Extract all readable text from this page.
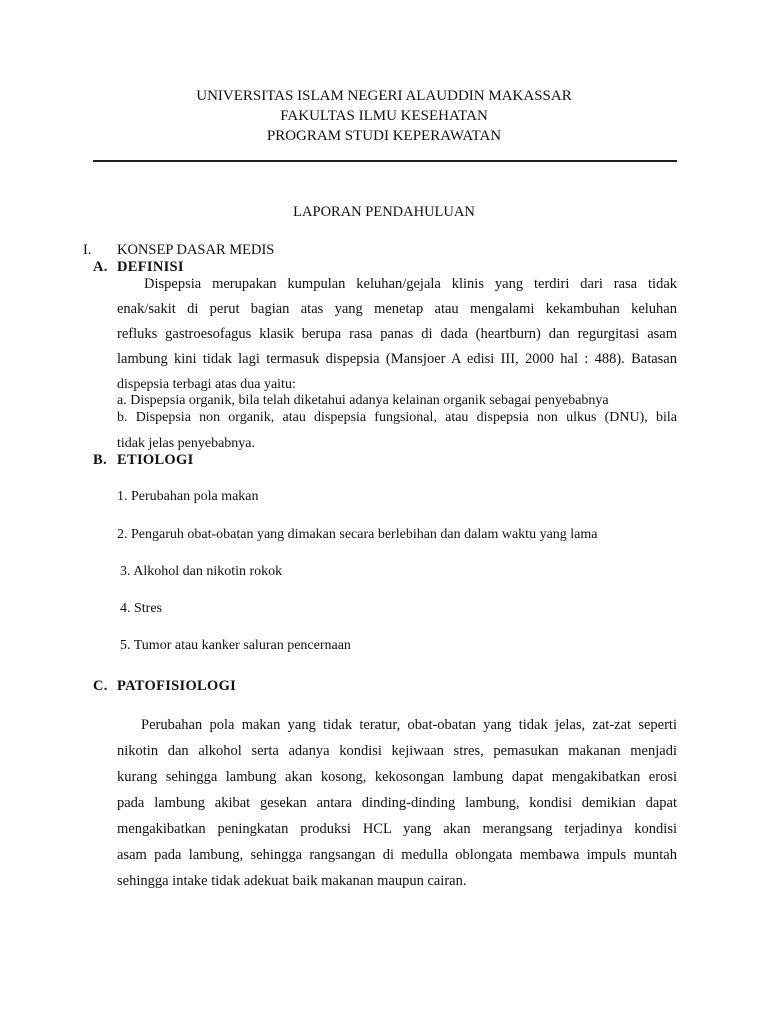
UNIVERSITAS ISLAM NEGERI ALAUDDIN MAKASSAR
FAKULTAS ILMU KESEHATAN
PROGRAM STUDI KEPERAWATAN
LAPORAN PENDAHULUAN
I. KONSEP DASAR MEDIS
A. DEFINISI
Dispepsia merupakan kumpulan keluhan/gejala klinis yang terdiri dari rasa tidak
enak/sakit di perut bagian atas yang menetap atau mengalami kekambuhan keluhan
refluks gastroesofagus klasik berupa rasa panas di dada (heartburn) dan regurgitasi asam
lambung kini tidak lagi termasuk dispepsia (Mansjoer A edisi III, 2000 hal : 488). Batasan
dispepsia terbagi atas dua yaitu:
a. Dispepsia organik, bila telah diketahui adanya kelainan organik sebagai penyebabnya
b. Dispepsia non organik, atau dispepsia fungsional, atau dispepsia non ulkus (DNU), bila
tidak jelas penyebabnya.
B. ETIOLOGI
1. Perubahan pola makan
2. Pengaruh obat-obatan yang dimakan secara berlebihan dan dalam waktu yang lama
3. Alkohol dan nikotin rokok
4. Stres
5. Tumor atau kanker saluran pencernaan
C. PATOFISIOLOGI
Perubahan pola makan yang tidak teratur, obat-obatan yang tidak jelas, zat-zat seperti
nikotin dan alkohol serta adanya kondisi kejiwaan stres, pemasukan makanan menjadi
kurang sehingga lambung akan kosong, kekosongan lambung dapat mengakibatkan erosi
pada lambung akibat gesekan antara dinding-dinding lambung, kondisi demikian dapat
mengakibatkan peningkatan produksi HCL yang akan merangsang terjadinya kondisi
asam pada lambung, sehingga rangsangan di medulla oblongata membawa impuls muntah
sehingga intake tidak adekuat baik makanan maupun cairan.
